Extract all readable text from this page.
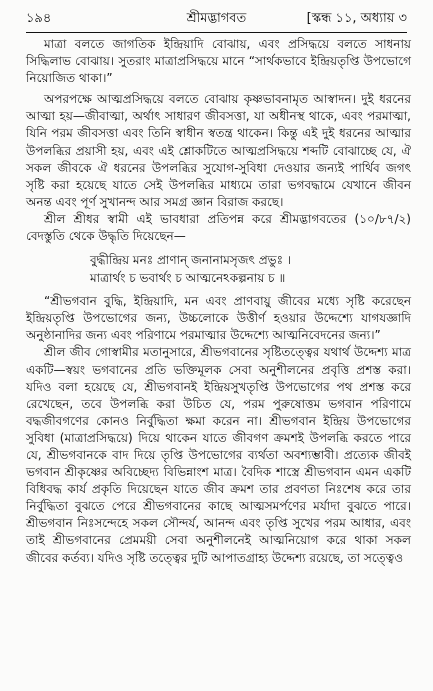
১৯৪	শ্রীমদ্ভাগবত	[স্কন্ধ ১১, অধ্যায় ৩

মাত্রা বলতে জাগতিক ইন্দ্রিয়াদি বোঝায়, এবং প্রসিদ্ধয়ে বলতে সাধনায় সিদ্ধিলাভ বোঝায়। সুতরাং মাত্রাপ্রসিদ্ধয়ে মানে “সার্থকভাবে ইন্দ্রিয়তৃপ্তি উপভোগে নিয়োজিত থাকা।”

অপরপক্ষে আত্মপ্রসিদ্ধয়ে বলতে বোঝায় কৃষ্ণভাবনামৃত আস্বাদন। দুই ধরনের আত্মা হয়—জীবাত্মা, অর্থাৎ সাধারণ জীবসত্তা, যা অধীনস্থ থাকে, এবং পরমাত্মা, যিনি পরম জীবসত্তা এবং তিনি স্বাধীন স্বতন্ত্র থাকেন। কিন্তু এই দুই ধরনের আত্মার উপলব্ধির প্রয়াসী হয়, এবং এই শ্লোকটিতে আত্মপ্রসিদ্ধয়ে শব্দটি বোঝাচ্ছে যে, ঐ সকল জীবকে ঐ ধরনের উপলব্ধির সুযোগ-সুবিধা দেওয়ার জন্যই পার্থিব জগৎ সৃষ্টি করা হয়েছে যাতে সেই উপলব্ধির মাধ্যমে তারা ভগবদ্ধামে যেখানে জীবন অনন্ত এবং পূর্ণ সুখানন্দ আর সমগ্র জ্ঞান বিরাজ করছে।

শ্রীল শ্রীধর স্বামী এই ভাবধারা প্রতিপন্ন করে শ্রীমদ্ভাগবতের (১০/৮৭/২) বেদস্তুতি থেকে উদ্ধৃতি দিয়েছেন—

বুদ্ধীন্দ্রিয় মনঃ প্রাণান্ জনানামসৃজৎ প্রভুঃ ।
মাত্রার্থং চ ভবার্থং চ আত্মনেঽকল্পনায় চ ॥

“শ্রীভগবান বুদ্ধি, ইন্দ্রিয়াদি, মন এবং প্রাণবায়ু জীবের মধ্যে সৃষ্টি করেছেন ইন্দ্রিয়তৃপ্তি উপভোগের জন্য, উচ্চলোকে উত্তীর্ণ হওয়ার উদ্দেশ্যে যাগযজ্ঞাদি অনুষ্ঠানাদির জন্য এবং পরিণামে পরমাত্মার উদ্দেশ্যে আত্মনিবেদনের জন্য।”

শ্রীল জীব গোস্বামীর মতানুসারে, শ্রীভগবানের সৃষ্টিতত্ত্বের যথার্থ উদ্দেশ্য মাত্র একটি—স্বয়ং ভগবানের প্রতি ভক্তিমূলক সেবা অনুশীলনের প্রবৃত্তি প্রশস্ত করা। যদিও বলা হয়েছে যে, শ্রীভগবানই ইন্দ্রিয়সুখতৃপ্তি উপভোগের পথ প্রশস্ত করে রেখেছেন, তবে উপলব্ধি করা উচিত যে, পরম পুরুষোত্তম ভগবান পরিণামে বদ্ধজীবগণের কোনও নির্বুদ্ধিতা ক্ষমা করেন না। শ্রীভগবান ইন্দ্রিয় উপভোগের সুবিধা (মাত্রাপ্রসিদ্ধয়ে) দিয়ে থাকেন যাতে জীবগণ ক্রমশই উপলব্ধি করতে পারে যে, শ্রীভগবানকে বাদ দিয়ে তৃপ্তি উপভোগের ব্যর্থতা অবশ্যম্ভাবী। প্রত্যেক জীবই ভগবান শ্রীকৃষ্ণের অবিচ্ছেদ্য বিভিন্নাংশ মাত্র। বৈদিক শাস্ত্রে শ্রীভগবান এমন একটি বিধিবদ্ধ কার্য প্রকৃতি দিয়েছেন যাতে জীব ক্রমশ তার প্রবণতা নিঃশেষ করে তার নির্বুদ্ধিতা বুঝতে পেরে শ্রীভগবানের কাছে আত্মসমর্পণের মর্যাদা বুঝতে পারে। শ্রীভগবান নিঃসন্দেহে সকল সৌন্দর্য, আনন্দ এবং তৃপ্তি সুখের পরম আধার, এবং তাই শ্রীভগবানের প্রেমময়ী সেবা অনুশীলনেই আত্মনিয়োগ করে থাকা সকল জীবের কর্তব্য। যদিও সৃষ্টি তত্ত্বের দুটি আপাতগ্রাহ্য উদ্দেশ্য রয়েছে, তা সত্ত্বেও
